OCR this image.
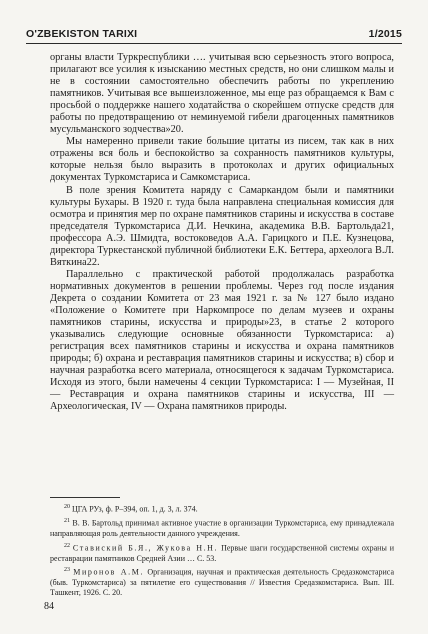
O'ZBEKISTON TARIXI	1/2015

органы власти Туркреспублики …. учитывая всю серьезность этого вопроса, прилагают все усилия к изысканию местных средств, но они слишком малы и не в состоянии самостоятельно обеспечить работы по укреплению памятников. Учитывая все вышеизложенное, мы еще раз обращаемся к Вам с просьбой о поддержке нашего ходатайства о скорейшем отпуске средств для работы по предотвращению от неминуемой гибели драгоценных памятников мусульманского зодчества»20.

Мы намеренно привели такие большие цитаты из писем, так как в них отражены вся боль и беспокойство за сохранность памятников культуры, которые нельзя было выразить в протоколах и других официальных документах Туркомстариса и Самкомстариса.

В поле зрения Комитета наряду с Самаркандом были и памятники культуры Бухары. В 1920 г. туда была направлена специальная комиссия для осмотра и принятия мер по охране памятников старины и искусства в составе председателя Туркомстариса Д.И. Нечкина, академика В.В. Бартольда21, профессора А.Э. Шмидта, востоковедов А.А. Гарицкого и П.Е. Кузнецова, директора Туркестанской публичной библиотеки Е.К. Беттера, археолога В.Л. Вяткина22.

Параллельно с практической работой продолжалась разработка нормативных документов в решении проблемы. Через год после издания Декрета о создании Комитета от 23 мая 1921 г. за № 127 было издано «Положение о Комитете при Наркомпросе по делам музеев и охраны памятников старины, искусства и природы»23, в статье 2 которого указывались следующие основные обязанности Туркомстариса: а) регистрация всех памятников старины и искусства и охрана памятников природы; б) охрана и реставрация памятников старины и искусства; в) сбор и научная разработка всего материала, относящегося к задачам Туркомстариса. Исходя из этого, были намечены 4 секции Туркомстариса: I — Музейная, II — Реставрация и охрана памятников старины и искусства, III — Археологическая, IV — Охрана памятников природы.

$^{20}$ ЦГА РУз, ф. Р–394, оп. 1, д. 3, л. 374.

$^{21}$ В. В. Бартольд принимал активное участие в организации Туркомстариса, ему принадлежала направляющая роль деятельности данного учреждения.

$^{22}$ Ставиский Б.Я., Жукова Н.Н. Первые шаги государственной системы охраны и реставрации памятников Средней Азии … С. 53.

$^{23}$ Миронов А.М. Организация, научная и практическая деятельность Средазкомстариса (быв. Туркомстариса) за пятилетие его существования // Известия Средазкомстариса. Вып. III. Ташкент, 1926. С. 20.

84
